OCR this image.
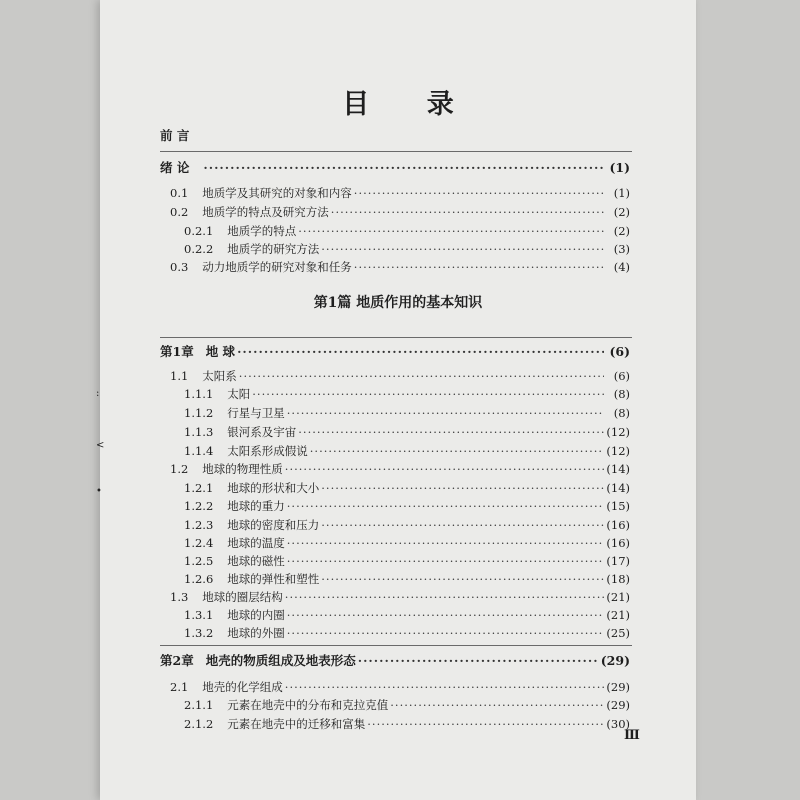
目 录
第1篇 地质作用的基本知识
前 言
绪 论 ·····	(1)
0.1 地质学及其研究的对象和内容 ·····	(1)
0.2 地质学的特点及研究方法 ·····	(2)
0.2.1 地质学的特点 ·····	(2)
0.2.2 地质学的研究方法 ·····	(3)
0.3 动力地质学的研究对象和任务 ·····	(4)
第1章 地 球 ·····	(6)
1.1 太阳系 ·····	(6)
1.1.1 太阳 ·····	(8)
1.1.2 行星与卫星 ·····	(8)
1.1.3 银河系及宇宙 ·····	(12)
1.1.4 太阳系形成假说 ·····	(12)
1.2 地球的物理性质 ·····	(14)
1.2.1 地球的形状和大小 ·····	(14)
1.2.2 地球的重力 ·····	(15)
1.2.3 地球的密度和压力 ·····	(16)
1.2.4 地球的温度 ·····	(16)
1.2.5 地球的磁性 ·····	(17)
1.2.6 地球的弹性和塑性 ·····	(18)
1.3 地球的圈层结构 ·····	(21)
1.3.1 地球的内圈 ·····	(21)
1.3.2 地球的外圈 ·····	(25)
第2章 地壳的物质组成及地表形态 ·····	(29)
2.1 地壳的化学组成 ·····	(29)
2.1.1 元素在地壳中的分布和克拉克值 ·····	(29)
2.1.2 元素在地壳中的迁移和富集 ·····	(30)
Ⅲ
:
<
•
